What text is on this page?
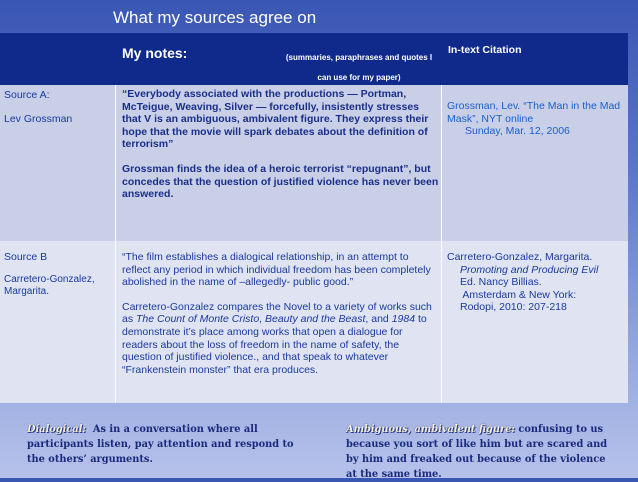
What my sources agree on
My notes:	(summaries, paraphrases and quotes I can use for my paper)
In-text Citation

Source A:

Lev Grossman

“Everybody associated with the productions — Portman, McTeigue, Weaving, Silver — forcefully, insistently stresses that V is an ambiguous, ambivalent figure. They express their hope that the movie will spark debates about the definition of terrorism”

Grossman finds the idea of a heroic terrorist “repugnant”, but concedes that the question of justified violence has never been answered.

Grossman, Lev. “The Man in the Mad Mask”, NYT online

Sunday, Mar. 12, 2006

Source B

Carretero-Gonzalez, Margarita.

“The film establishes a dialogical relationship, in an attempt to reflect any period in which individual freedom has been completely abolished in the name of –allegedly- public good.”

Carretero-Gonzalez compares the Novel to a variety of works such as The Count of Monte Cristo, Beauty and the Beast, and 1984 to demonstrate it’s place among works that open a dialogue for readers about the loss of freedom in the name of safety, the question of justified violence., and that speak to whatever “Frankenstein monster” that era produces.

Carretero-Gonzalez, Margarita.

Promoting and Producing Evil

Ed. Nancy Billias.

Amsterdam & New York:

Rodopi, 2010: 207-218

Dialogical:  As in a conversation where all participants listen, pay attention and respond to the others’ arguments.
Ambiguous, ambivalent figure: confusing to us because you sort of like him but are scared and by him and freaked out because of the violence at the same time.
